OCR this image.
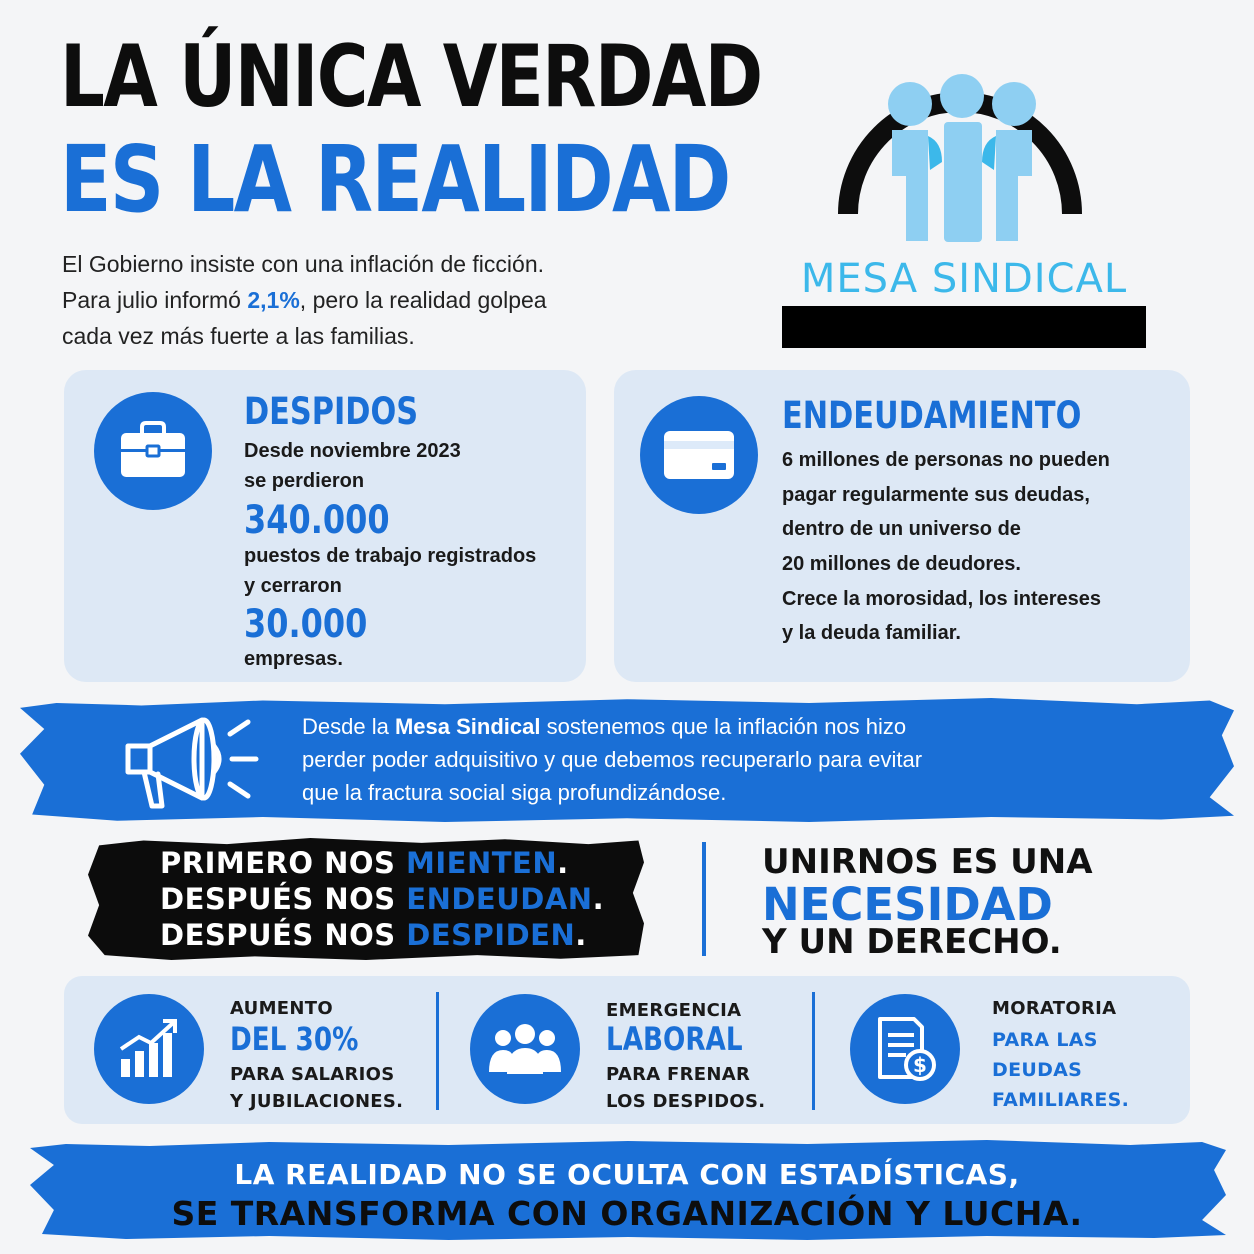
LA ÚNICA VERDAD
ES LA REALIDAD
El Gobierno insiste con una inflación de ficción.
Para julio informó 2,1%, pero la realidad golpea
cada vez más fuerte a las familias.
MESA SINDICAL
DESPIDOS
Desde noviembre 2023
se perdieron
340.000
puestos de trabajo registrados
y cerraron
30.000
empresas.
ENDEUDAMIENTO
6 millones de personas no pueden
pagar regularmente sus deudas,
dentro de un universo de
20 millones de deudores.
Crece la morosidad, los intereses
y la deuda familiar.
Desde la Mesa Sindical sostenemos que la inflación nos hizo
perder poder adquisitivo y que debemos recuperarlo para evitar
que la fractura social siga profundizándose.
PRIMERO NOS MIENTEN.
DESPUÉS NOS ENDEUDAN.
DESPUÉS NOS DESPIDEN.
UNIRNOS ES UNA
NECESIDAD
Y UN DERECHO.
AUMENTO
DEL 30%
PARA SALARIOS
Y JUBILACIONES.
EMERGENCIA
LABORAL
PARA FRENAR
LOS DESPIDOS.
$
MORATORIA
PARA LAS
DEUDAS
FAMILIARES.
LA REALIDAD NO SE OCULTA CON ESTADÍSTICAS,
SE TRANSFORMA CON ORGANIZACIÓN Y LUCHA.
